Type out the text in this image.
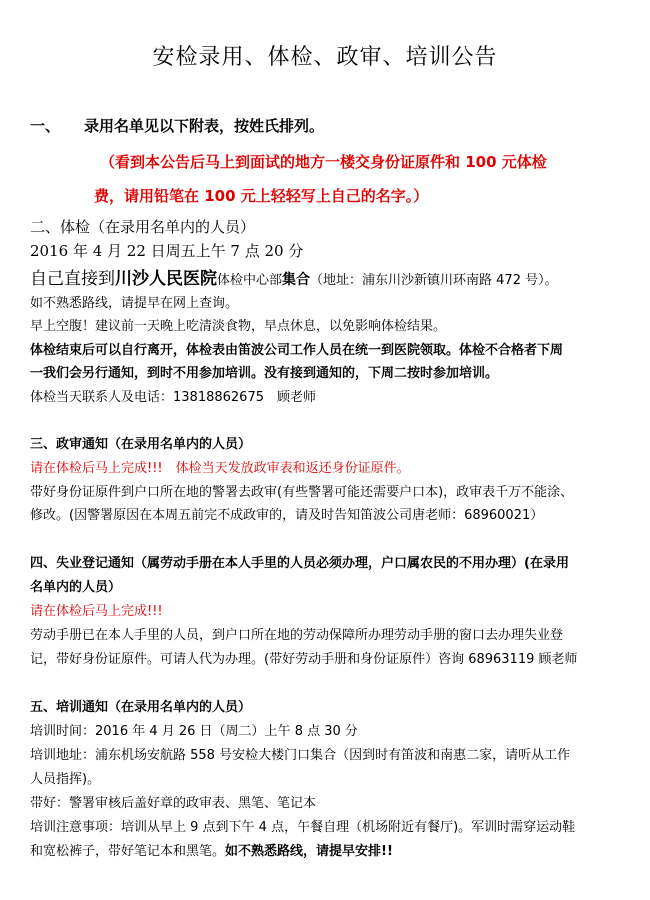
安检录用、体检、政审、培训公告
一、 录用名单见以下附表，按姓氏排列。
（看到本公告后马上到面试的地方一楼交身份证原件和 100 元体检
费，请用铅笔在 100 元上轻轻写上自己的名字。）
二、体检（在录用名单内的人员）
2016 年 4 月 22 日周五上午 7 点 20 分
自己直接到川沙人民医院体检中心部集合（地址：浦东川沙新镇川环南路 472 号）。
如不熟悉路线，请提早在网上查询。
早上空腹！建议前一天晚上吃清淡食物，早点休息，以免影响体检结果。
体检结束后可以自行离开，体检表由笛波公司工作人员在统一到医院领取。体检不合格者下周
一我们会另行通知，到时不用参加培训。没有接到通知的，下周二按时参加培训。
体检当天联系人及电话：13818862675　顾老师
三、政审通知（在录用名单内的人员）
请在体检后马上完成!!!　体检当天发放政审表和返还身份证原件。
带好身份证原件到户口所在地的警署去政审(有些警署可能还需要户口本)，政审表千万不能涂、
修改。(因警署原因在本周五前完不成政审的，请及时告知笛波公司唐老师：68960021）
四、失业登记通知（属劳动手册在本人手里的人员必须办理，户口属农民的不用办理）(在录用
名单内的人员）
请在体检后马上完成!!!
劳动手册已在本人手里的人员，到户口所在地的劳动保障所办理劳动手册的窗口去办理失业登
记，带好身份证原件。可请人代为办理。(带好劳动手册和身份证原件）咨询 68963119 顾老师
五、培训通知（在录用名单内的人员）
培训时间：2016 年 4 月 26 日（周二）上午 8 点 30 分
培训地址：浦东机场安航路 558 号安检大楼门口集合（因到时有笛波和南惠二家，请听从工作
人员指挥)。
带好：警署审核后盖好章的政审表、黑笔、笔记本
培训注意事项：培训从早上 9 点到下午 4 点，午餐自理（机场附近有餐厅)。军训时需穿运动鞋
和宽松裤子，带好笔记本和黑笔。如不熟悉路线，请提早安排!!
